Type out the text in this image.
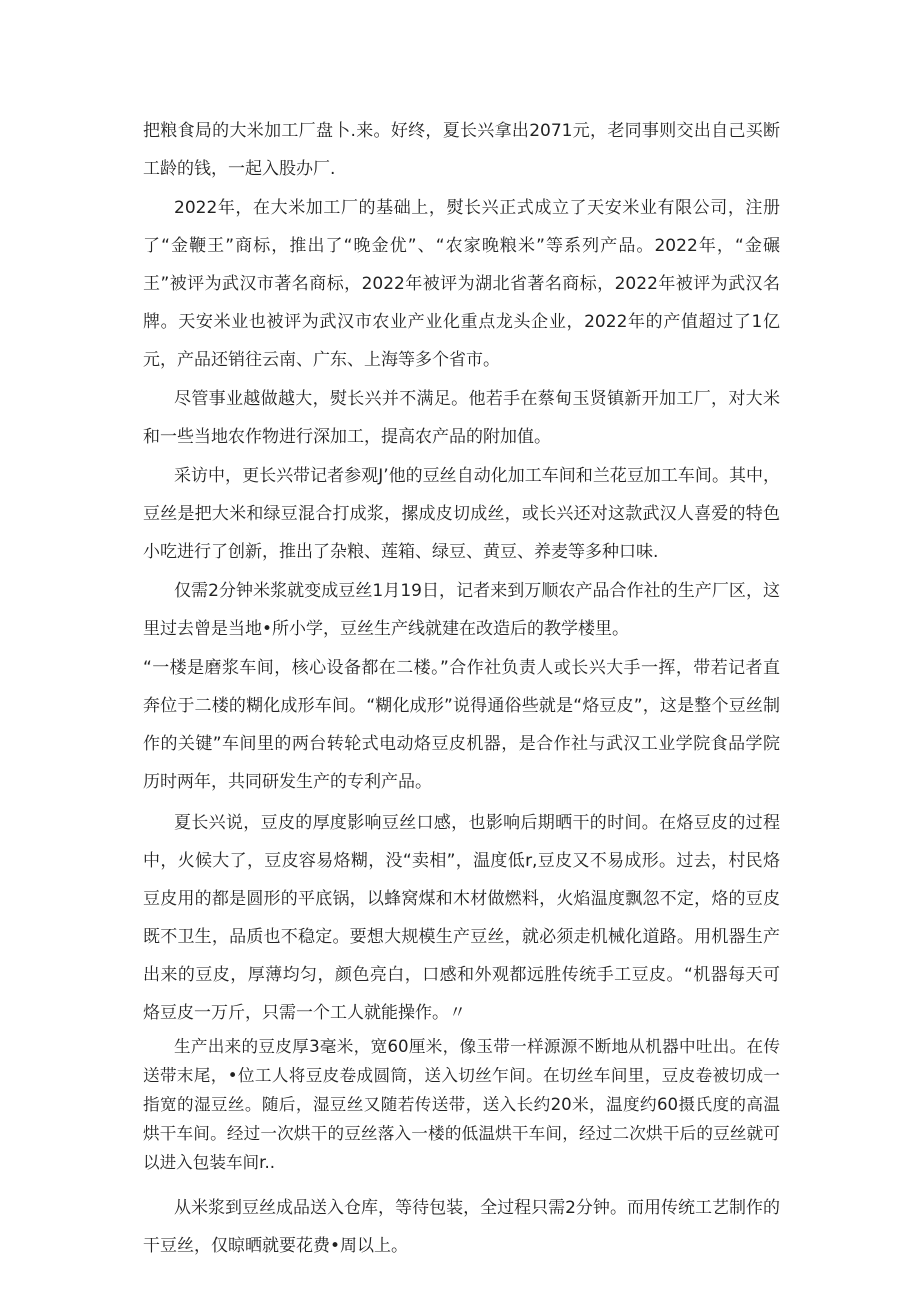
把粮食局的大米加工厂盘卜.来。好终，夏长兴拿出2071元，老同事则交出自己买断工龄的钱，一起入股办厂.

2022年，在大米加工厂的基础上，熨长兴正式成立了天安米业有限公司，注册了“金鞭王”商标，推出了“晚金优”、“农家晚粮米”等系列产品。2022年，“金碾王”被评为武汉市著名商标，2022年被评为湖北省著名商标，2022年被评为武汉名牌。天安米业也被评为武汉市农业产业化重点龙头企业，2022年的产值超过了1亿元，产品还销往云南、广东、上海等多个省市。

尽管事业越做越大，熨长兴并不满足。他若手在蔡甸玉贤镇新开加工厂，对大米和一些当地农作物进行深加工，提高农产品的附加值。

采访中，更长兴带记者参观J’他的豆丝自动化加工车间和兰花豆加工车间。其中，豆丝是把大米和绿豆混合打成浆，摞成皮切成丝，或长兴还对这款武汉人喜爱的特色小吃进行了创新，推出了杂粮、莲箱、绿豆、黄豆、养麦等多种口味.

仅需2分钟米浆就变成豆丝1月19日，记者来到万顺农产品合作社的生产厂区，这里过去曾是当地•所小学，豆丝生产线就建在改造后的教学楼里。

“一楼是磨浆车间，核心设备都在二楼。”合作社负责人或长兴大手一挥，带若记者直奔位于二楼的糊化成形车间。“糊化成形”说得通俗些就是“烙豆皮”，这是整个豆丝制作的关键”车间里的两台转轮式电动烙豆皮机器，是合作社与武汉工业学院食品学院历时两年，共同研发生产的专利产品。

夏长兴说，豆皮的厚度影响豆丝口感，也影响后期晒干的时间。在烙豆皮的过程中，火候大了，豆皮容易烙糊，没“卖相”，温度低r,豆皮又不易成形。过去，村民烙豆皮用的都是圆形的平底锅，以蜂窝煤和木材做燃料，火焰温度飘忽不定，烙的豆皮既不卫生，品质也不稳定。要想大规模生产豆丝，就必须走机械化道路。用机器生产出来的豆皮，厚薄均匀，颜色亮白，口感和外观都远胜传统手工豆皮。“机器每天可烙豆皮一万斤，只需一个工人就能操作。〃

生产出来的豆皮厚3毫米，宽60厘米，像玉带一样源源不断地从机器中吐出。在传送带末尾，•位工人将豆皮卷成圆筒，送入切丝乍间。在切丝车间里，豆皮卷被切成一指宽的湿豆丝。随后，湿豆丝又随若传送带，送入长约20米，温度约60摄氏度的高温烘干车间。经过一次烘干的豆丝落入一楼的低温烘干车间，经过二次烘干后的豆丝就可以进入包装车间r..

从米浆到豆丝成品送入仓库，等待包装，全过程只需2分钟。而用传统工艺制作的干豆丝，仅晾晒就要花费•周以上。
